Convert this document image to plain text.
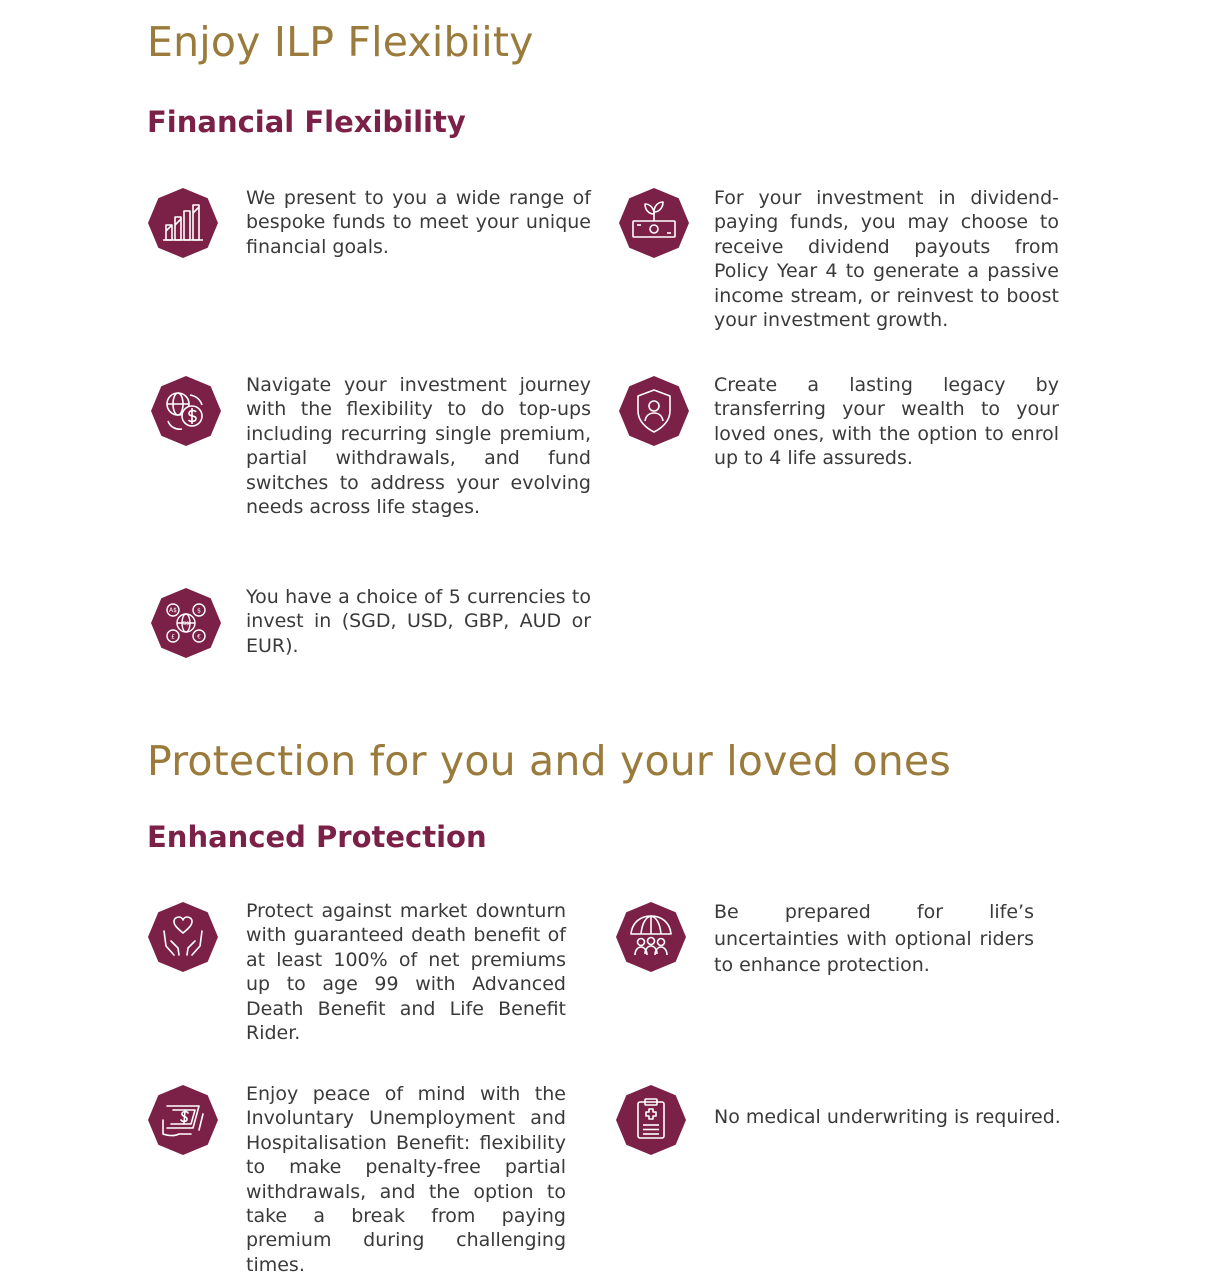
Enjoy ILP Flexibiity
Financial Flexibility

We present to you a wide range of bespoke funds to meet your unique financial goals.

For your investment in dividend-paying funds, you may choose to receive dividend payouts from Policy Year 4 to generate a passive income stream, or reinvest to boost your investment growth.

Navigate your investment journey with the flexibility to do top-ups including recurring single premium, partial withdrawals, and fund switches to address your evolving needs across life stages.

Create a lasting legacy by transferring your wealth to your loved ones, with the option to enrol up to 4 life assureds.

A$	$
£	€
S$

You have a choice of 5 currencies to invest in (SGD, USD, GBP, AUD or EUR).

Protection for you and your loved ones
Enhanced Protection

Protect against market downturn with guaranteed death benefit of at least 100% of net premiums up to age 99 with Advanced Death Benefit and Life Benefit Rider.

Be prepared for life’s uncertainties with optional riders to enhance protection.

Enjoy peace of mind with the Involuntary Unemployment and Hospitalisation Benefit: flexibility to make penalty-free partial withdrawals, and the option to take a break from paying premium during challenging times.

No medical underwriting is required.
